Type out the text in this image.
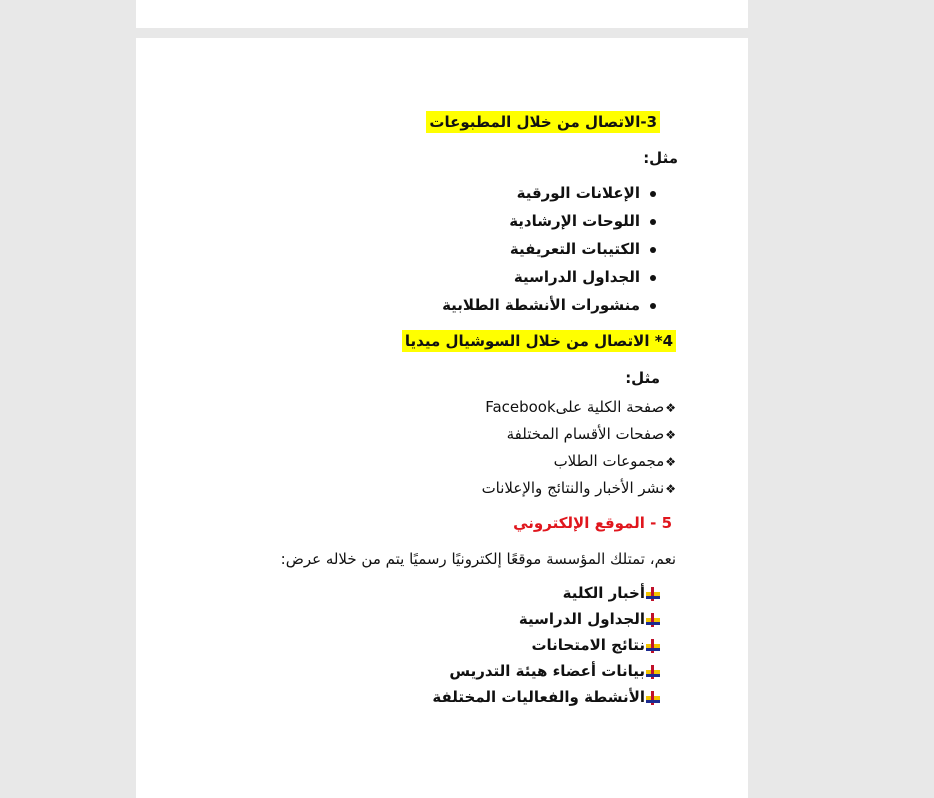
3-الاتصال من خلال المطبوعات
مثل:
الإعلانات الورقية
اللوحات الإرشادية
الكتيبات التعريفية
الجداول الدراسية
منشورات الأنشطة الطلابية
4* الاتصال من خلال السوشيال ميديا
مثل:
❖صفحة الكلية علىFacebook
❖صفحات الأقسام المختلفة
❖مجموعات الطلاب
❖نشر الأخبار والنتائج والإعلانات
5 - الموقع الإلكتروني
نعم، تمتلك المؤسسة موقعًا إلكترونيًا رسميًا يتم من خلاله عرض:
أخبار الكلية
الجداول الدراسية
نتائج الامتحانات
بيانات أعضاء هيئة التدريس
الأنشطة والفعاليات المختلفة
